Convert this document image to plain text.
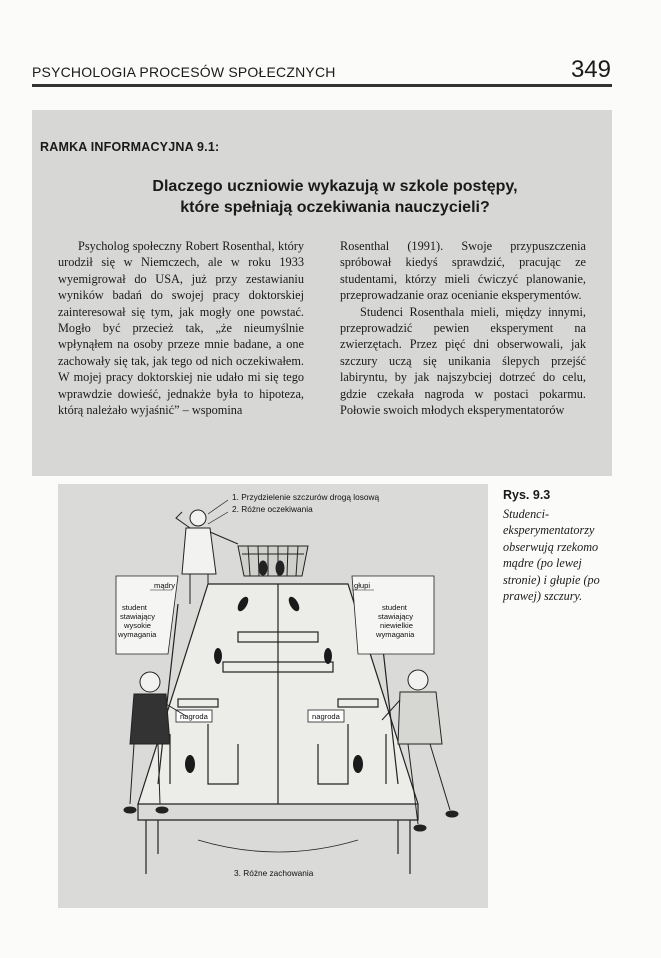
PSYCHOLOGIA PROCESÓW SPOŁECZNYCH	349
RAMKA INFORMACYJNA 9.1:
Dlaczego uczniowie wykazują w szkole postępy,
które spełniają oczekiwania nauczycieli?

Psycholog społeczny Robert Rosenthal, który urodził się w Niemczech, ale w roku 1933 wyemigrował do USA, już przy zestawianiu wyników badań do swojej pracy doktorskiej zainteresował się tym, jak mogły one powstać. Mogło być przecież tak, „że nieumyślnie wpłynąłem na osoby przeze mnie badane, a one zachowały się tak, jak tego od nich oczekiwałem. W mojej pracy doktorskiej nie udało mi się tego wprawdzie dowieść, jednakże była to hipoteza, którą należało wyjaśnić” – wspomina

Rosenthal (1991). Swoje przypuszczenia spróbował kiedyś sprawdzić, pracując ze studentami, którzy mieli ćwiczyć planowanie, przeprowadzanie oraz ocenianie eksperymentów.

Studenci Rosenthala mieli, między innymi, przeprowadzić pewien eksperyment na zwierzętach. Przez pięć dni obserwowali, jak szczury uczą się unikania ślepych przejść labiryntu, by jak najszybciej dotrzeć do celu, gdzie czekała nagroda w postaci pokarmu. Połowie swoich młodych eksperymentatorów

1. Przydzielenie szczurów drogą losową
2. Różne oczekiwania
nagroda	nagroda
mądry
student
stawiający
wysokie
wymagania
głupi
student
stawiający
niewielkie
wymagania
3. Różne zachowania
Rys. 9.3
Studenci-eksperymentatorzy obserwują rzekomo mądre (po lewej stronie) i głupie (po prawej) szczury.
